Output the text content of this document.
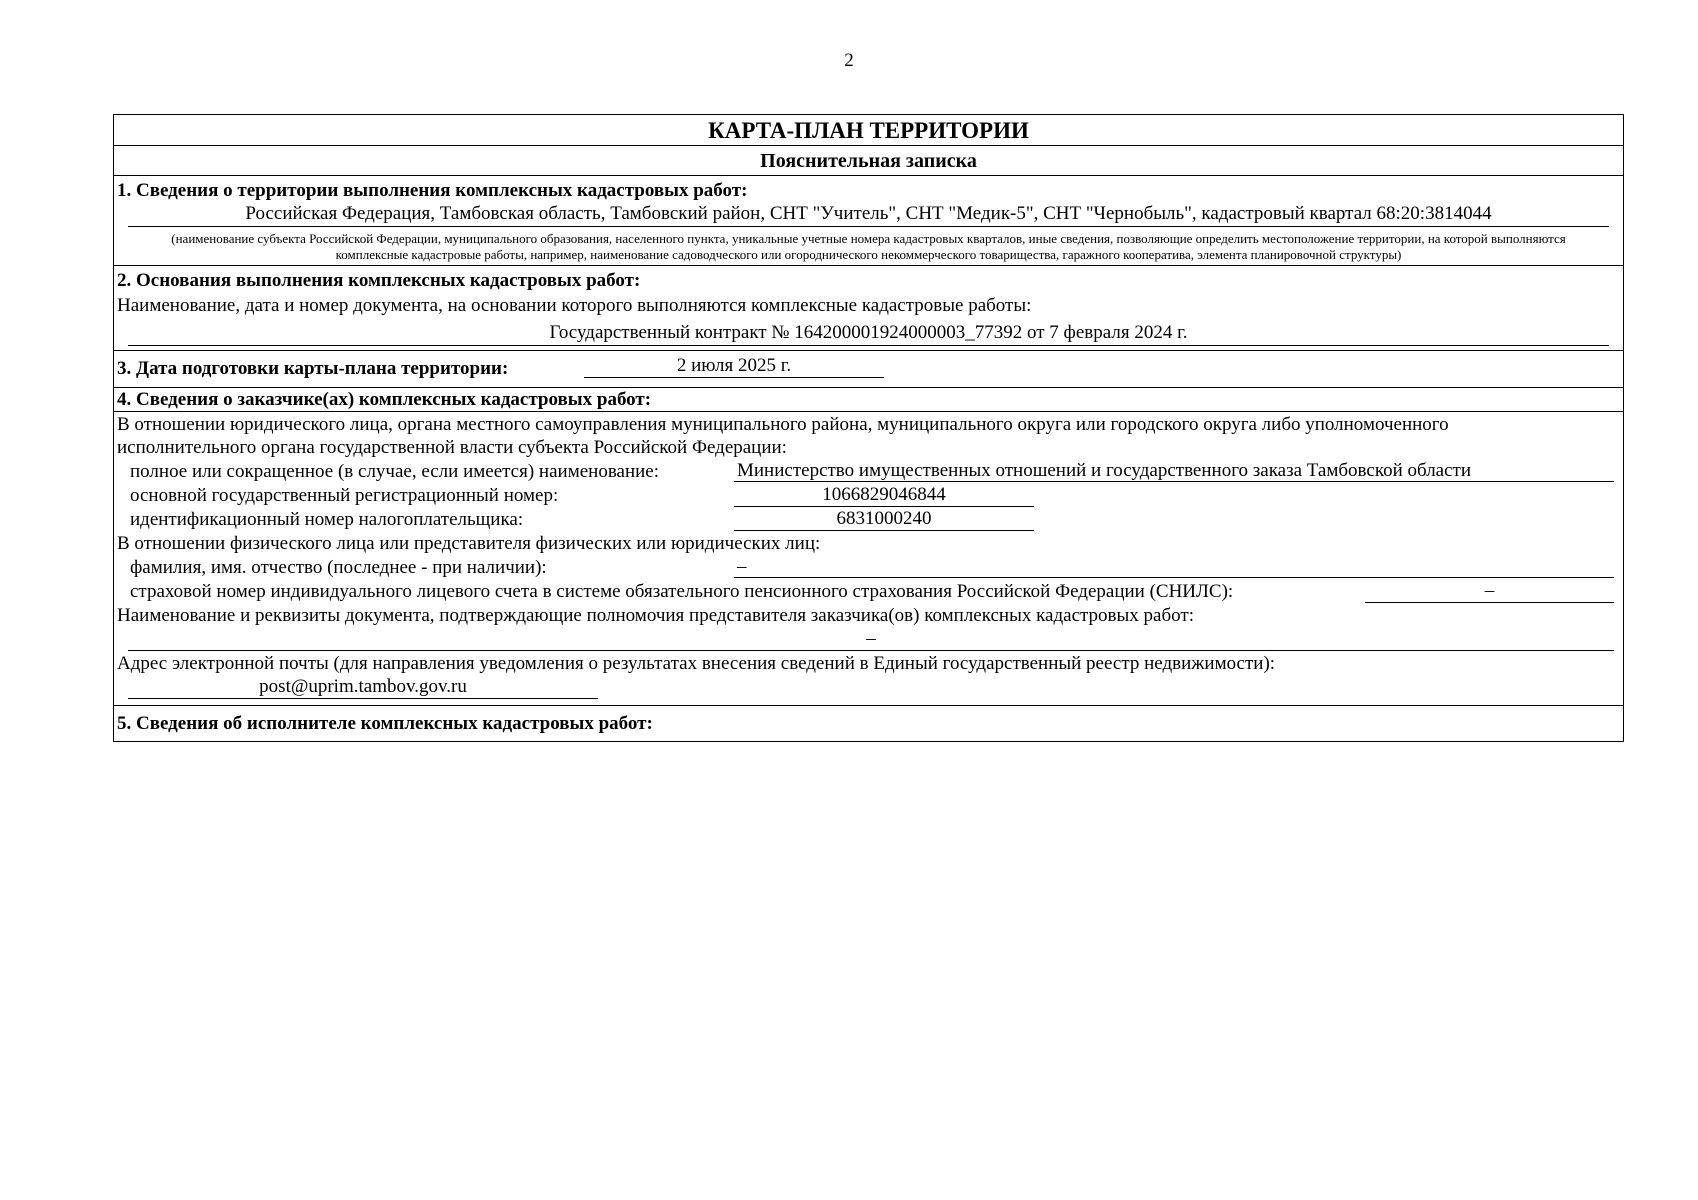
2
КАРТА-ПЛАН ТЕРРИТОРИИ
Пояснительная записка
1. Сведения о территории выполнения комплексных кадастровых работ:
Российская Федерация, Тамбовская область, Тамбовский район, СНТ "Учитель", СНТ "Медик-5", СНТ "Чернобыль", кадастровый квартал 68:20:3814044
(наименование субъекта Российской Федерации, муниципального образования, населенного пункта, уникальные учетные номера кадастровых кварталов, иные сведения, позволяющие определить местоположение территории, на которой выполняются комплексные кадастровые работы, например, наименование садоводческого или огороднического некоммерческого товарищества, гаражного кооператива, элемента планировочной структуры)
2. Основания выполнения комплексных кадастровых работ:
Наименование, дата и номер документа, на основании которого выполняются комплексные кадастровые работы:
Государственный контракт № 164200001924000003_77392 от 7 февраля 2024 г.
3. Дата подготовки карты-плана территории:	2 июля 2025 г.
4. Сведения о заказчике(ах) комплексных кадастровых работ:
В отношении юридического лица, органа местного самоуправления муниципального района, муниципального округа или городского округа либо уполномоченного
исполнительного органа государственной власти субъекта Российской Федерации:
полное или сокращенное (в случае, если имеется) наименование:	Министерство имущественных отношений и государственного заказа Тамбовской области
основной государственный регистрационный номер:	1066829046844
идентификационный номер налогоплательщика:	6831000240
В отношении физического лица или представителя физических или юридических лиц:
фамилия, имя. отчество (последнее - при наличии):	–
страховой номер индивидуального лицевого счета в системе обязательного пенсионного страхования Российской Федерации (СНИЛС):	–
Наименование и реквизиты документа, подтверждающие полномочия представителя заказчика(ов) комплексных кадастровых работ:
–
Адрес электронной почты (для направления уведомления о результатах внесения сведений в Единый государственный реестр недвижимости):
post@uprim.tambov.gov.ru
5. Сведения об исполнителе комплексных кадастровых работ:
